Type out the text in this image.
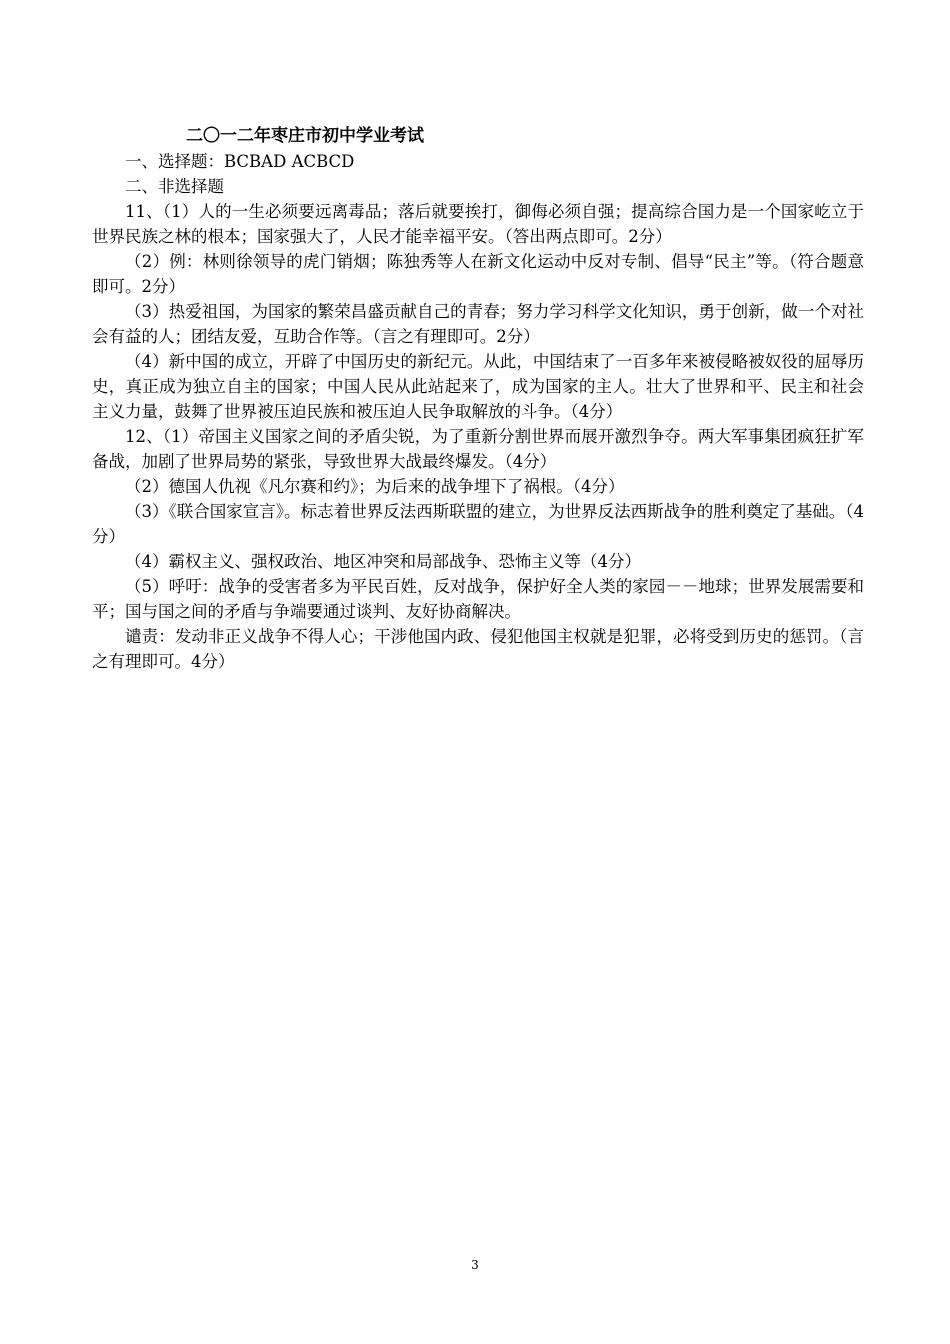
二〇一二年枣庄市初中学业考试

一、选择题：BCBAD ACBCD

二、非选择题

11、（1）人的一生必须要远离毒品；落后就要挨打，御侮必须自强；提高综合国力是一个国家屹立于世界民族之林的根本；国家强大了，人民才能幸福平安。（答出两点即可。2分）

（2）例：林则徐领导的虎门销烟；陈独秀等人在新文化运动中反对专制、倡导“民主”等。（符合题意即可。2分）

（3）热爱祖国，为国家的繁荣昌盛贡献自己的青春；努力学习科学文化知识，勇于创新，做一个对社会有益的人；团结友爱，互助合作等。（言之有理即可。2分）

（4）新中国的成立，开辟了中国历史的新纪元。从此，中国结束了一百多年来被侵略被奴役的屈辱历史，真正成为独立自主的国家；中国人民从此站起来了，成为国家的主人。壮大了世界和平、民主和社会主义力量，鼓舞了世界被压迫民族和被压迫人民争取解放的斗争。（4分）

12、（1）帝国主义国家之间的矛盾尖锐，为了重新分割世界而展开激烈争夺。两大军事集团疯狂扩军备战，加剧了世界局势的紧张，导致世界大战最终爆发。（4分）

（2）德国人仇视《凡尔赛和约》；为后来的战争埋下了祸根。（4分）

（3）《联合国家宣言》。标志着世界反法西斯联盟的建立，为世界反法西斯战争的胜利奠定了基础。（4分）

（4）霸权主义、强权政治、地区冲突和局部战争、恐怖主义等（4分）

（5）呼吁：战争的受害者多为平民百姓，反对战争，保护好全人类的家园－－地球；世界发展需要和平；国与国之间的矛盾与争端要通过谈判、友好协商解决。

谴责：发动非正义战争不得人心；干涉他国内政、侵犯他国主权就是犯罪，必将受到历史的惩罚。（言之有理即可。4分）

3
